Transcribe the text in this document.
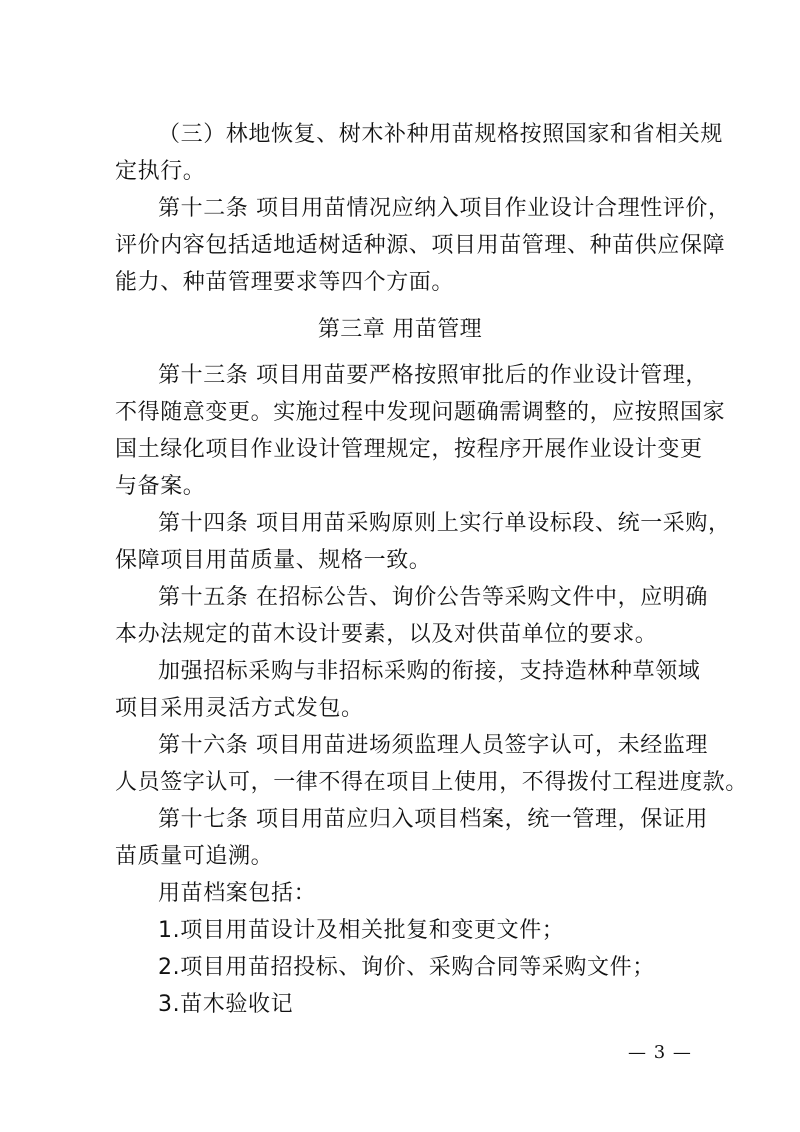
（三）林地恢复、树木补种用苗规格按照国家和省相关规
定执行。
第十二条 项目用苗情况应纳入项目作业设计合理性评价，
评价内容包括适地适树适种源、项目用苗管理、种苗供应保障
能力、种苗管理要求等四个方面。
第三章 用苗管理
第十三条 项目用苗要严格按照审批后的作业设计管理，
不得随意变更。实施过程中发现问题确需调整的，应按照国家
国土绿化项目作业设计管理规定，按程序开展作业设计变更
与备案。
第十四条 项目用苗采购原则上实行单设标段、统一采购，
保障项目用苗质量、规格一致。
第十五条 在招标公告、询价公告等采购文件中，应明确
本办法规定的苗木设计要素，以及对供苗单位的要求。
加强招标采购与非招标采购的衔接，支持造林种草领域
项目采用灵活方式发包。
第十六条 项目用苗进场须监理人员签字认可，未经监理
人员签字认可，一律不得在项目上使用，不得拨付工程进度款。
第十七条 项目用苗应归入项目档案，统一管理，保证用
苗质量可追溯。
用苗档案包括：
1.项目用苗设计及相关批复和变更文件；
2.项目用苗招投标、询价、采购合同等采购文件；
3.苗木验收记
— 3 —
